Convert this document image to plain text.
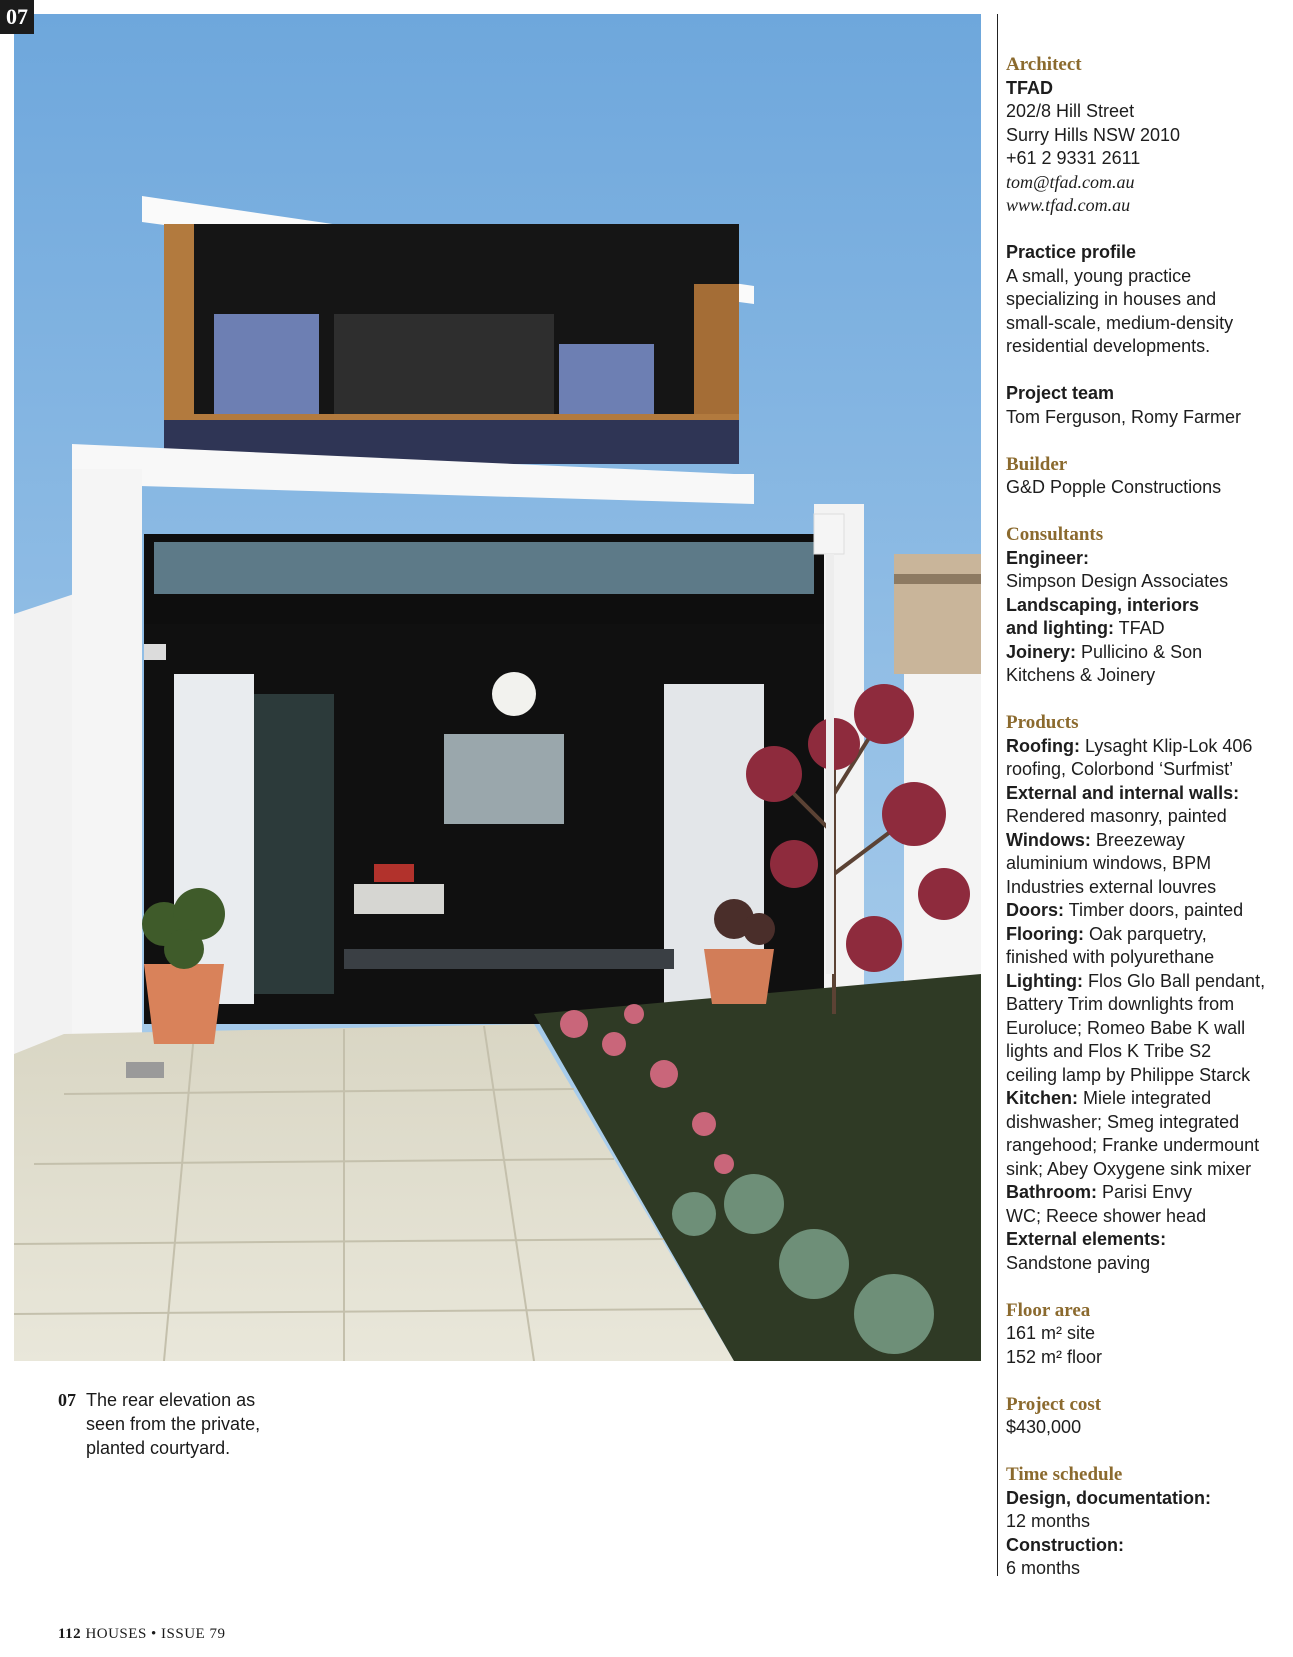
07
07 The rear elevation as
seen from the private,
planted courtyard.
Architect
TFAD
202/8 Hill Street
Surry Hills NSW 2010
+61 2 9331 2611
tom@tfad.com.au
www.tfad.com.au
Practice profile
A small, young practice
specializing in houses and
small-scale, medium-density
residential developments.
Project team
Tom Ferguson, Romy Farmer
Builder
G&D Popple Constructions
Consultants
Engineer:
Simpson Design Associates
Landscaping, interiors
and lighting: TFAD
Joinery: Pullicino & Son
Kitchens & Joinery
Products
Roofing: Lysaght Klip-Lok 406
roofing, Colorbond ‘Surfmist’
External and internal walls:
Rendered masonry, painted
Windows: Breezeway
aluminium windows, BPM
Industries external louvres
Doors: Timber doors, painted
Flooring: Oak parquetry,
finished with polyurethane
Lighting: Flos Glo Ball pendant,
Battery Trim downlights from
Euroluce; Romeo Babe K wall
lights and Flos K Tribe S2
ceiling lamp by Philippe Starck
Kitchen: Miele integrated
dishwasher; Smeg integrated
rangehood; Franke undermount
sink; Abey Oxygene sink mixer
Bathroom: Parisi Envy
WC; Reece shower head
External elements:
Sandstone paving
Floor area
161 m² site
152 m² floor
Project cost
$430,000
Time schedule
Design, documentation:
12 months
Construction:
6 months
112 HOUSES • ISSUE 79
